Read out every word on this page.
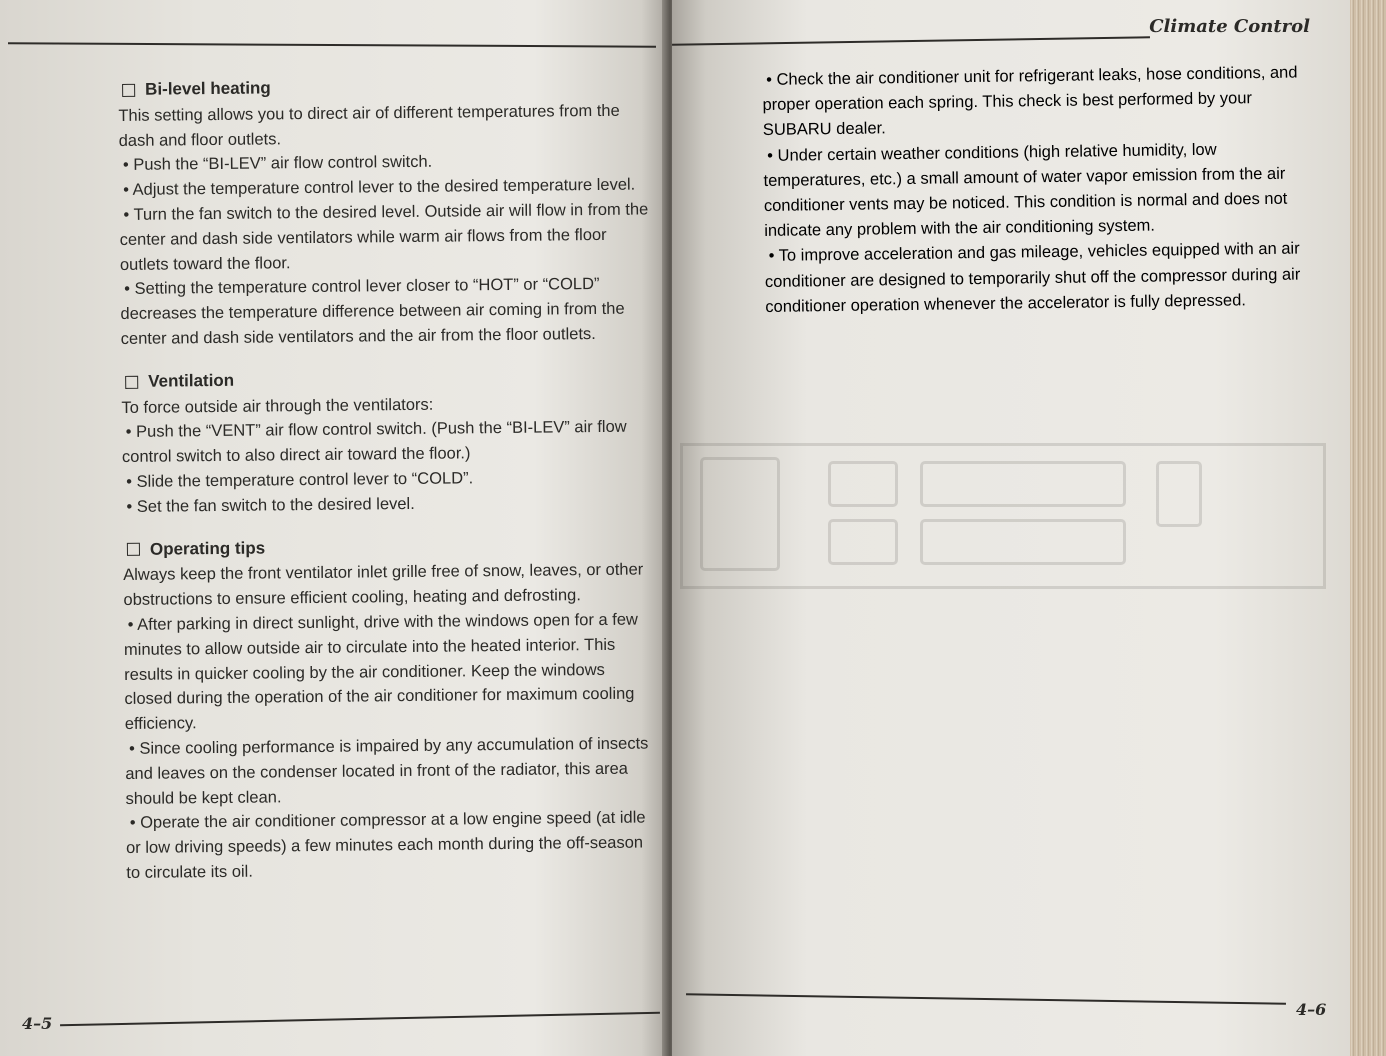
4–5
Bi-level heating

This setting allows you to direct air of different temperatures from the dash and floor outlets.

• Push the “BI-LEV” air flow control switch.
• Adjust the temperature control lever to the desired temperature level.
• Turn the fan switch to the desired level. Outside air will flow in from the center and dash side ventilators while warm air flows from the floor outlets toward the floor.
• Setting the temperature control lever closer to “HOT” or “COLD” decreases the temperature difference between air coming in from the center and dash side ventilators and the air from the floor outlets.
Ventilation

To force outside air through the ventilators:

• Push the “VENT” air flow control switch. (Push the “BI-LEV” air flow control switch to also direct air toward the floor.)
• Slide the temperature control lever to “COLD”.
• Set the fan switch to the desired level.
Operating tips

Always keep the front ventilator inlet grille free of snow, leaves, or other obstructions to ensure efficient cooling, heating and defrosting.

• After parking in direct sunlight, drive with the windows open for a few minutes to allow outside air to circulate into the heated interior. This results in quicker cooling by the air conditioner. Keep the windows closed during the operation of the air conditioner for maximum cooling efficiency.
• Since cooling performance is impaired by any accumulation of insects and leaves on the condenser located in front of the radiator, this area should be kept clean.
• Operate the air conditioner compressor at a low engine speed (at idle or low driving speeds) a few minutes each month during the off-season to circulate its oil.
4–6
Climate Control
• Check the air conditioner unit for refrigerant leaks, hose conditions, and proper operation each spring. This check is best performed by your SUBARU dealer.
• Under certain weather conditions (high relative humidity, low temperatures, etc.) a small amount of water vapor emission from the air conditioner vents may be noticed. This condition is normal and does not indicate any problem with the air conditioning system.
• To improve acceleration and gas mileage, vehicles equipped with an air conditioner are designed to temporarily shut off the compressor during air conditioner operation whenever the accelerator is fully depressed.
